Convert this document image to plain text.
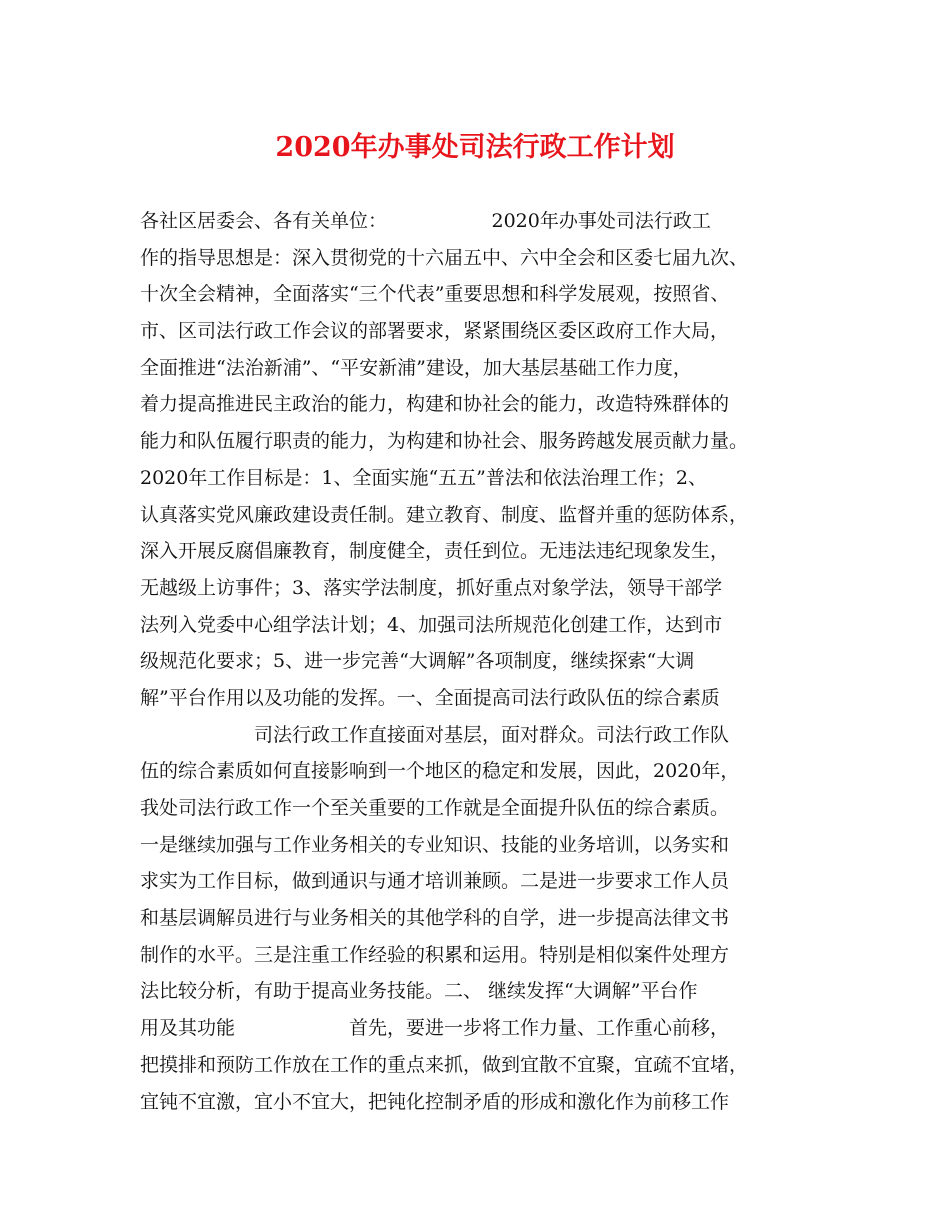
2020年办事处司法行政工作计划
各社区居委会、各有关单位：　　　　　　2020年办事处司法行政工
作的指导思想是：深入贯彻党的十六届五中、六中全会和区委七届九次、
十次全会精神，全面落实“三个代表”重要思想和科学发展观，按照省、
市、区司法行政工作会议的部署要求，紧紧围绕区委区政府工作大局，
全面推进“法治新浦”、“平安新浦”建设，加大基层基础工作力度，
着力提高推进民主政治的能力，构建和协社会的能力，改造特殊群体的
能力和队伍履行职责的能力，为构建和协社会、服务跨越发展贡献力量。
2020年工作目标是：1、全面实施“五五”普法和依法治理工作；2、
认真落实党风廉政建设责任制。建立教育、制度、监督并重的惩防体系，
深入开展反腐倡廉教育，制度健全，责任到位。无违法违纪现象发生，
无越级上访事件；3、落实学法制度，抓好重点对象学法，领导干部学
法列入党委中心组学法计划；4、加强司法所规范化创建工作，达到市
级规范化要求；5、进一步完善“大调解”各项制度，继续探索“大调
解”平台作用以及功能的发挥。一、全面提高司法行政队伍的综合素质
　　　　　　司法行政工作直接面对基层，面对群众。司法行政工作队
伍的综合素质如何直接影响到一个地区的稳定和发展，因此，2020年，
我处司法行政工作一个至关重要的工作就是全面提升队伍的综合素质。
一是继续加强与工作业务相关的专业知识、技能的业务培训，以务实和
求实为工作目标，做到通识与通才培训兼顾。二是进一步要求工作人员
和基层调解员进行与业务相关的其他学科的自学，进一步提高法律文书
制作的水平。三是注重工作经验的积累和运用。特别是相似案件处理方
法比较分析，有助于提高业务技能。二、 继续发挥“大调解”平台作
用及其功能　　　　　　首先，要进一步将工作力量、工作重心前移，
把摸排和预防工作放在工作的重点来抓，做到宜散不宜聚，宜疏不宜堵，
宜钝不宜激，宜小不宜大，把钝化控制矛盾的形成和激化作为前移工作
